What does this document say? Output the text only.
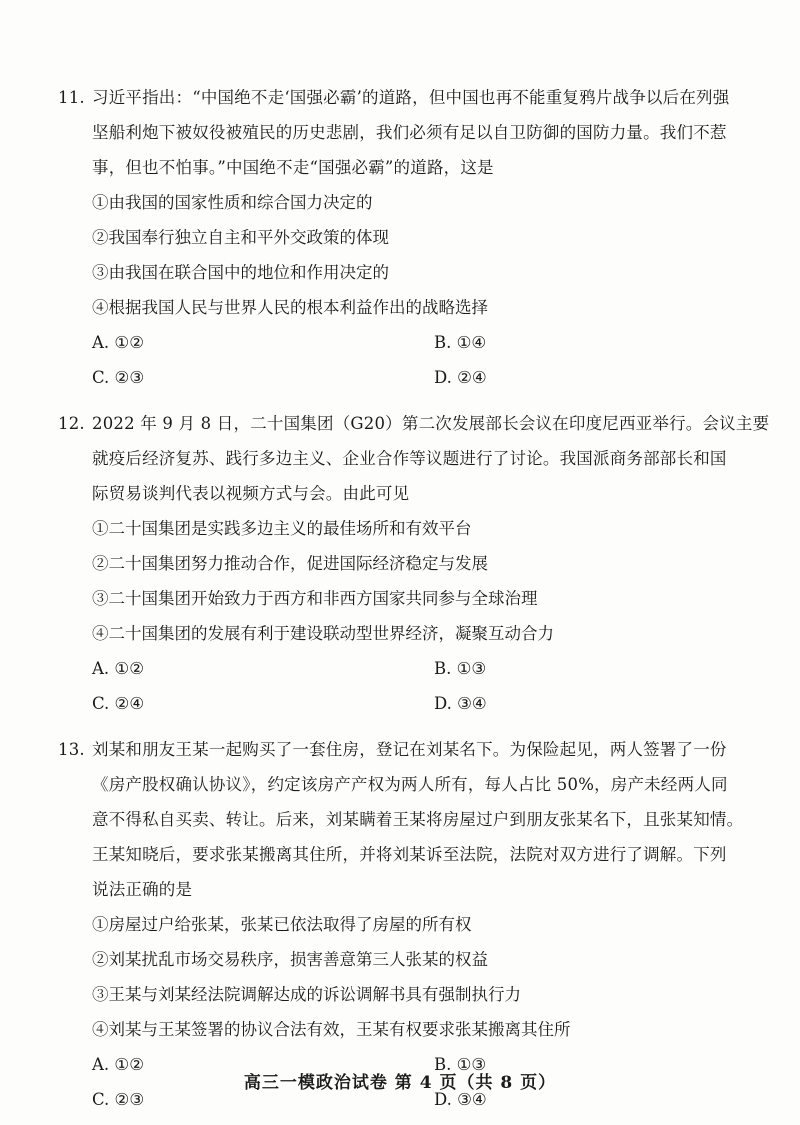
11. 习近平指出：“中国绝不走‘国强必霸’的道路，但中国也再不能重复鸦片战争以后在列强
坚船利炮下被奴役被殖民的历史悲剧，我们必须有足以自卫防御的国防力量。我们不惹
事，但也不怕事。”中国绝不走“国强必霸”的道路，这是
①由我国的国家性质和综合国力决定的
②我国奉行独立自主和平外交政策的体现
③由我国在联合国中的地位和作用决定的
④根据我国人民与世界人民的根本利益作出的战略选择
A. ①②	B. ①④
C. ②③	D. ②④
12. 2022 年 9 月 8 日，二十国集团（G20）第二次发展部长会议在印度尼西亚举行。会议主要
就疫后经济复苏、践行多边主义、企业合作等议题进行了讨论。我国派商务部部长和国
际贸易谈判代表以视频方式与会。由此可见
①二十国集团是实践多边主义的最佳场所和有效平台
②二十国集团努力推动合作，促进国际经济稳定与发展
③二十国集团开始致力于西方和非西方国家共同参与全球治理
④二十国集团的发展有利于建设联动型世界经济，凝聚互动合力
A. ①②	B. ①③
C. ②④	D. ③④
13. 刘某和朋友王某一起购买了一套住房，登记在刘某名下。为保险起见，两人签署了一份
《房产股权确认协议》，约定该房产产权为两人所有，每人占比 50%，房产未经两人同
意不得私自买卖、转让。后来，刘某瞒着王某将房屋过户到朋友张某名下，且张某知情。
王某知晓后，要求张某搬离其住所，并将刘某诉至法院，法院对双方进行了调解。下列
说法正确的是
①房屋过户给张某，张某已依法取得了房屋的所有权
②刘某扰乱市场交易秩序，损害善意第三人张某的权益
③王某与刘某经法院调解达成的诉讼调解书具有强制执行力
④刘某与王某签署的协议合法有效，王某有权要求张某搬离其住所
A. ①②	B. ①③
C. ②③	D. ③④
高三一模政治试卷 第 4 页（共 8 页）
